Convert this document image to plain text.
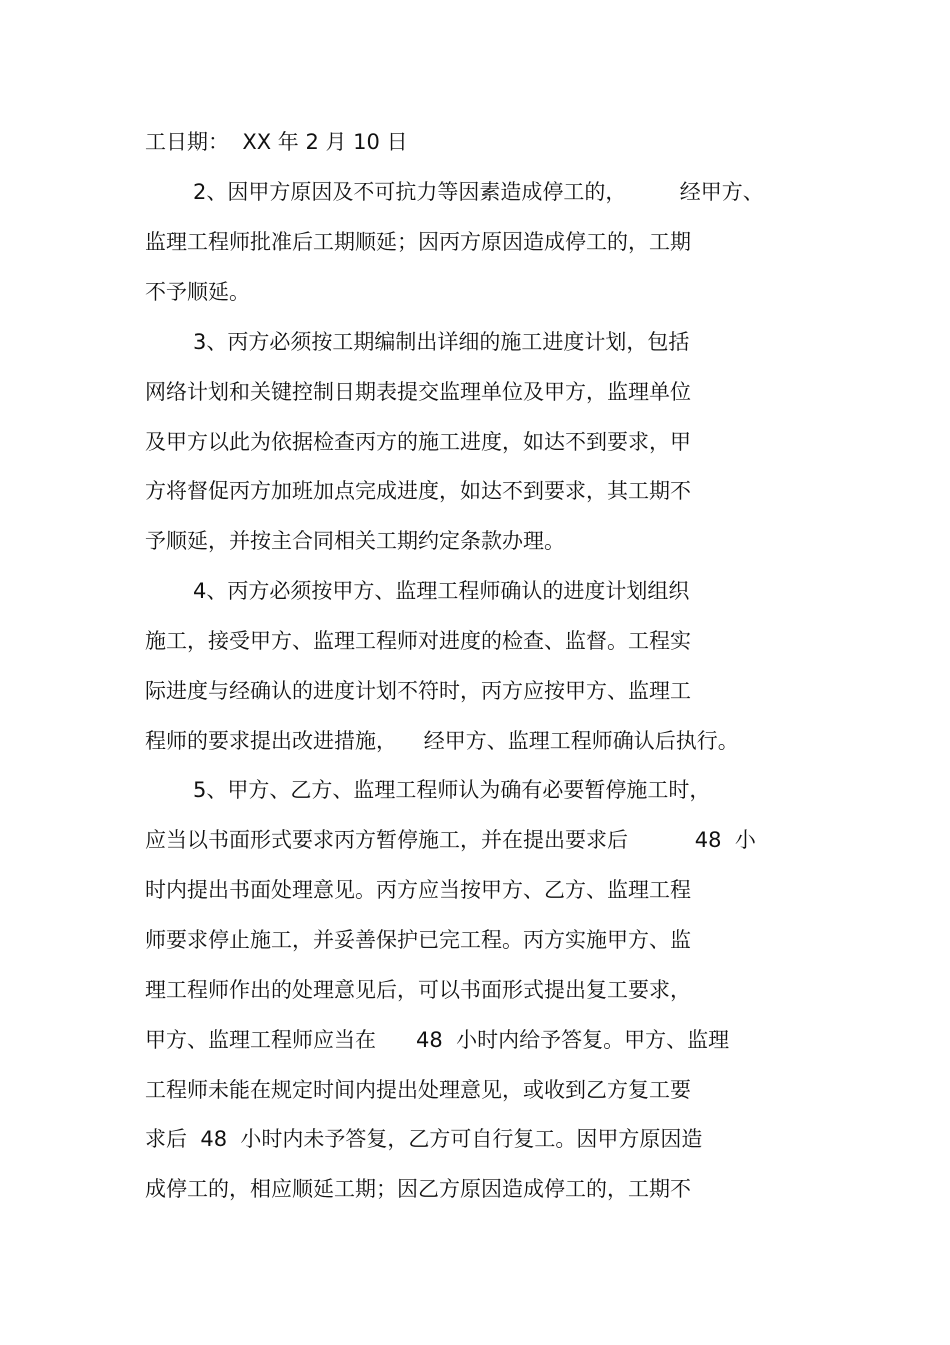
工日期：  XX 年 2 月 10 日

2、因甲方原因及不可抗力等因素造成停工的，        经甲方、

监理工程师批准后工期顺延；因丙方原因造成停工的，工期

不予顺延。

3、丙方必须按工期编制出详细的施工进度计划，包括

网络计划和关键控制日期表提交监理单位及甲方，监理单位

及甲方以此为依据检查丙方的施工进度，如达不到要求，甲

方将督促丙方加班加点完成进度，如达不到要求，其工期不

予顺延，并按主合同相关工期约定条款办理。

4、丙方必须按甲方、监理工程师确认的进度计划组织

施工，接受甲方、监理工程师对进度的检查、监督。工程实

际进度与经确认的进度计划不符时，丙方应按甲方、监理工

程师的要求提出改进措施，    经甲方、监理工程师确认后执行。

5、甲方、乙方、监理工程师认为确有必要暂停施工时，

应当以书面形式要求丙方暂停施工，并在提出要求后          48  小

时内提出书面处理意见。丙方应当按甲方、乙方、监理工程

师要求停止施工，并妥善保护已完工程。丙方实施甲方、监

理工程师作出的处理意见后，可以书面形式提出复工要求，

甲方、监理工程师应当在      48  小时内给予答复。甲方、监理

工程师未能在规定时间内提出处理意见，或收到乙方复工要

求后  48  小时内未予答复，乙方可自行复工。因甲方原因造

成停工的，相应顺延工期；因乙方原因造成停工的，工期不
